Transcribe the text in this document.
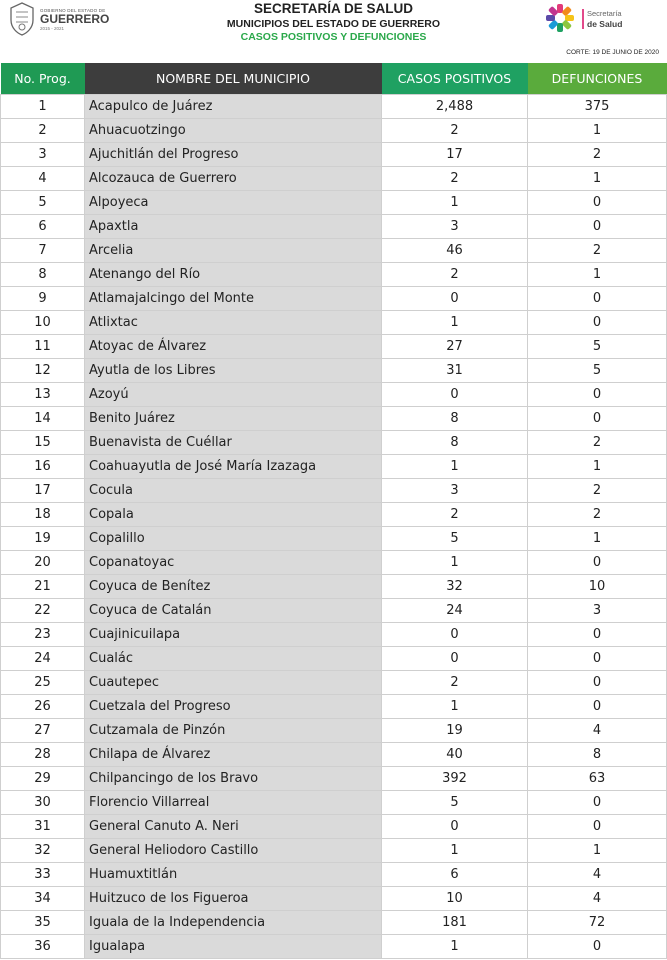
GOBIERNO DEL ESTADO DE
GUERRERO
2015 - 2021
SECRETARÍA DE SALUD
MUNICIPIOS DEL ESTADO DE GUERRERO
CASOS POSITIVOS Y DEFUNCIONES
Secretaría
de Salud
CORTE: 19 DE JUNIO DE 2020
No. Prog.	NOMBRE DEL MUNICIPIO	CASOS POSITIVOS	DEFUNCIONES
1	Acapulco de Juárez	2,488	375
2	Ahuacuotzingo	2	1
3	Ajuchitlán del Progreso	17	2
4	Alcozauca de Guerrero	2	1
5	Alpoyeca	1	0
6	Apaxtla	3	0
7	Arcelia	46	2
8	Atenango del Río	2	1
9	Atlamajalcingo del Monte	0	0
10	Atlixtac	1	0
11	Atoyac de Álvarez	27	5
12	Ayutla de los Libres	31	5
13	Azoyú	0	0
14	Benito Juárez	8	0
15	Buenavista de Cuéllar	8	2
16	Coahuayutla de José María Izazaga	1	1
17	Cocula	3	2
18	Copala	2	2
19	Copalillo	5	1
20	Copanatoyac	1	0
21	Coyuca de Benítez	32	10
22	Coyuca de Catalán	24	3
23	Cuajinicuilapa	0	0
24	Cualác	0	0
25	Cuautepec	2	0
26	Cuetzala del Progreso	1	0
27	Cutzamala de Pinzón	19	4
28	Chilapa de Álvarez	40	8
29	Chilpancingo de los Bravo	392	63
30	Florencio Villarreal	5	0
31	General Canuto A. Neri	0	0
32	General Heliodoro Castillo	1	1
33	Huamuxtitlán	6	4
34	Huitzuco de los Figueroa	10	4
35	Iguala de la Independencia	181	72
36	Igualapa	1	0
